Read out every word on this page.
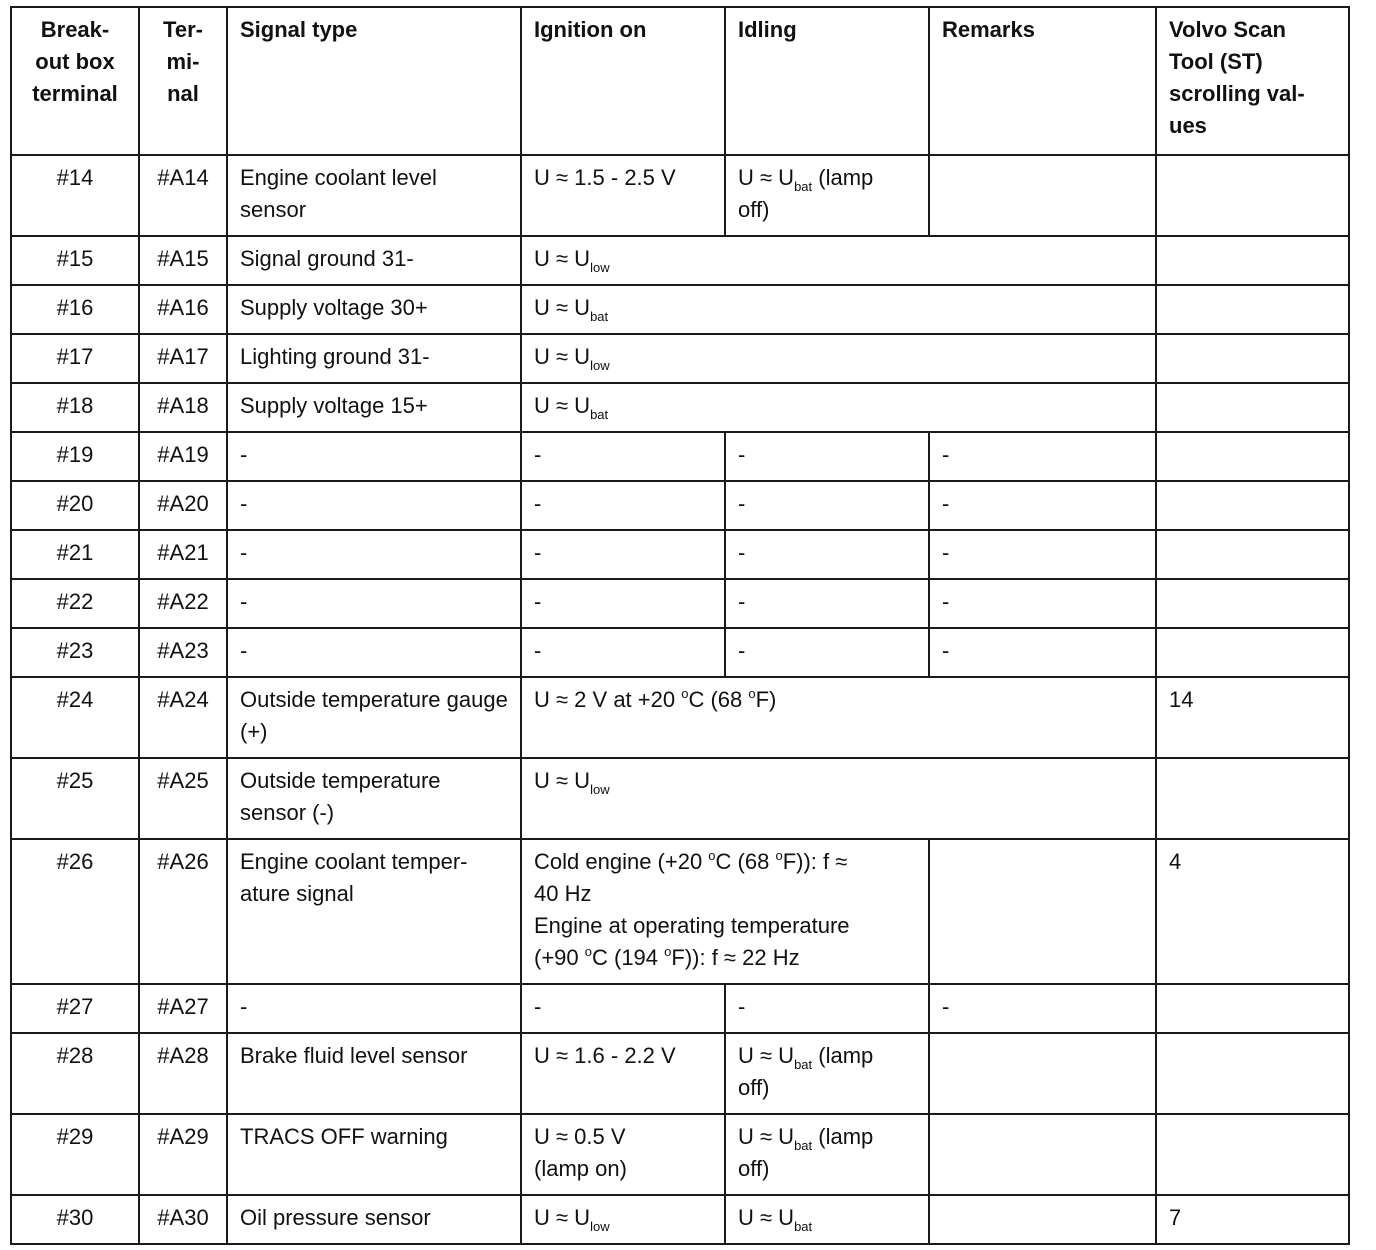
Break-
out box
terminal	Ter-
mi-
nal	Signal type	Ignition on	Idling	Remarks	Volvo Scan
Tool (ST)
scrolling val-
ues

#14	#A14	Engine coolant level sensor	U ≈ 1.5 - 2.5 V	$U \approx U_{bat}$ (lamp
off)		

#15	#A15	Signal ground 31-	$U \approx U_{low}$	
#16	#A16	Supply voltage 30+	$U \approx U_{bat}$	
#17	#A17	Lighting ground 31-	$U \approx U_{low}$	
#18	#A18	Supply voltage 15+	$U \approx U_{bat}$	
#19	#A19	-	-	-	-	
#20	#A20	-	-	-	-	
#21	#A21	-	-	-	-	
#22	#A22	-	-	-	-	
#23	#A23	-	-	-	-	
#24	#A24	Outside temperature gauge (+)	U ≈ 2 V at +20 $^o$C (68 $^o$F)			14
#25	#A25	Outside temperature sensor (-)	$U \approx U_{low}$	
#26	#A26	Engine coolant temper-ature signal	Cold engine (+20 $^o$C (68 $^o$F)): f ≈
40 Hz
Engine at operating temperature
(+90 $^o$C (194 $^o$F)): f ≈ 22 Hz			4
#27	#A27	-	-	-	-	
#28	#A28	Brake fluid level sensor	U ≈ 1.6 - 2.2 V	$U \approx U_{bat}$ (lamp
off)		

#29	#A29	TRACS OFF warning	U ≈ 0.5 V
(lamp on)	$U \approx U_{bat}$ (lamp
off)		

#30	#A30	Oil pressure sensor	$U \approx U_{low}$	$U \approx U_{bat}$		7
